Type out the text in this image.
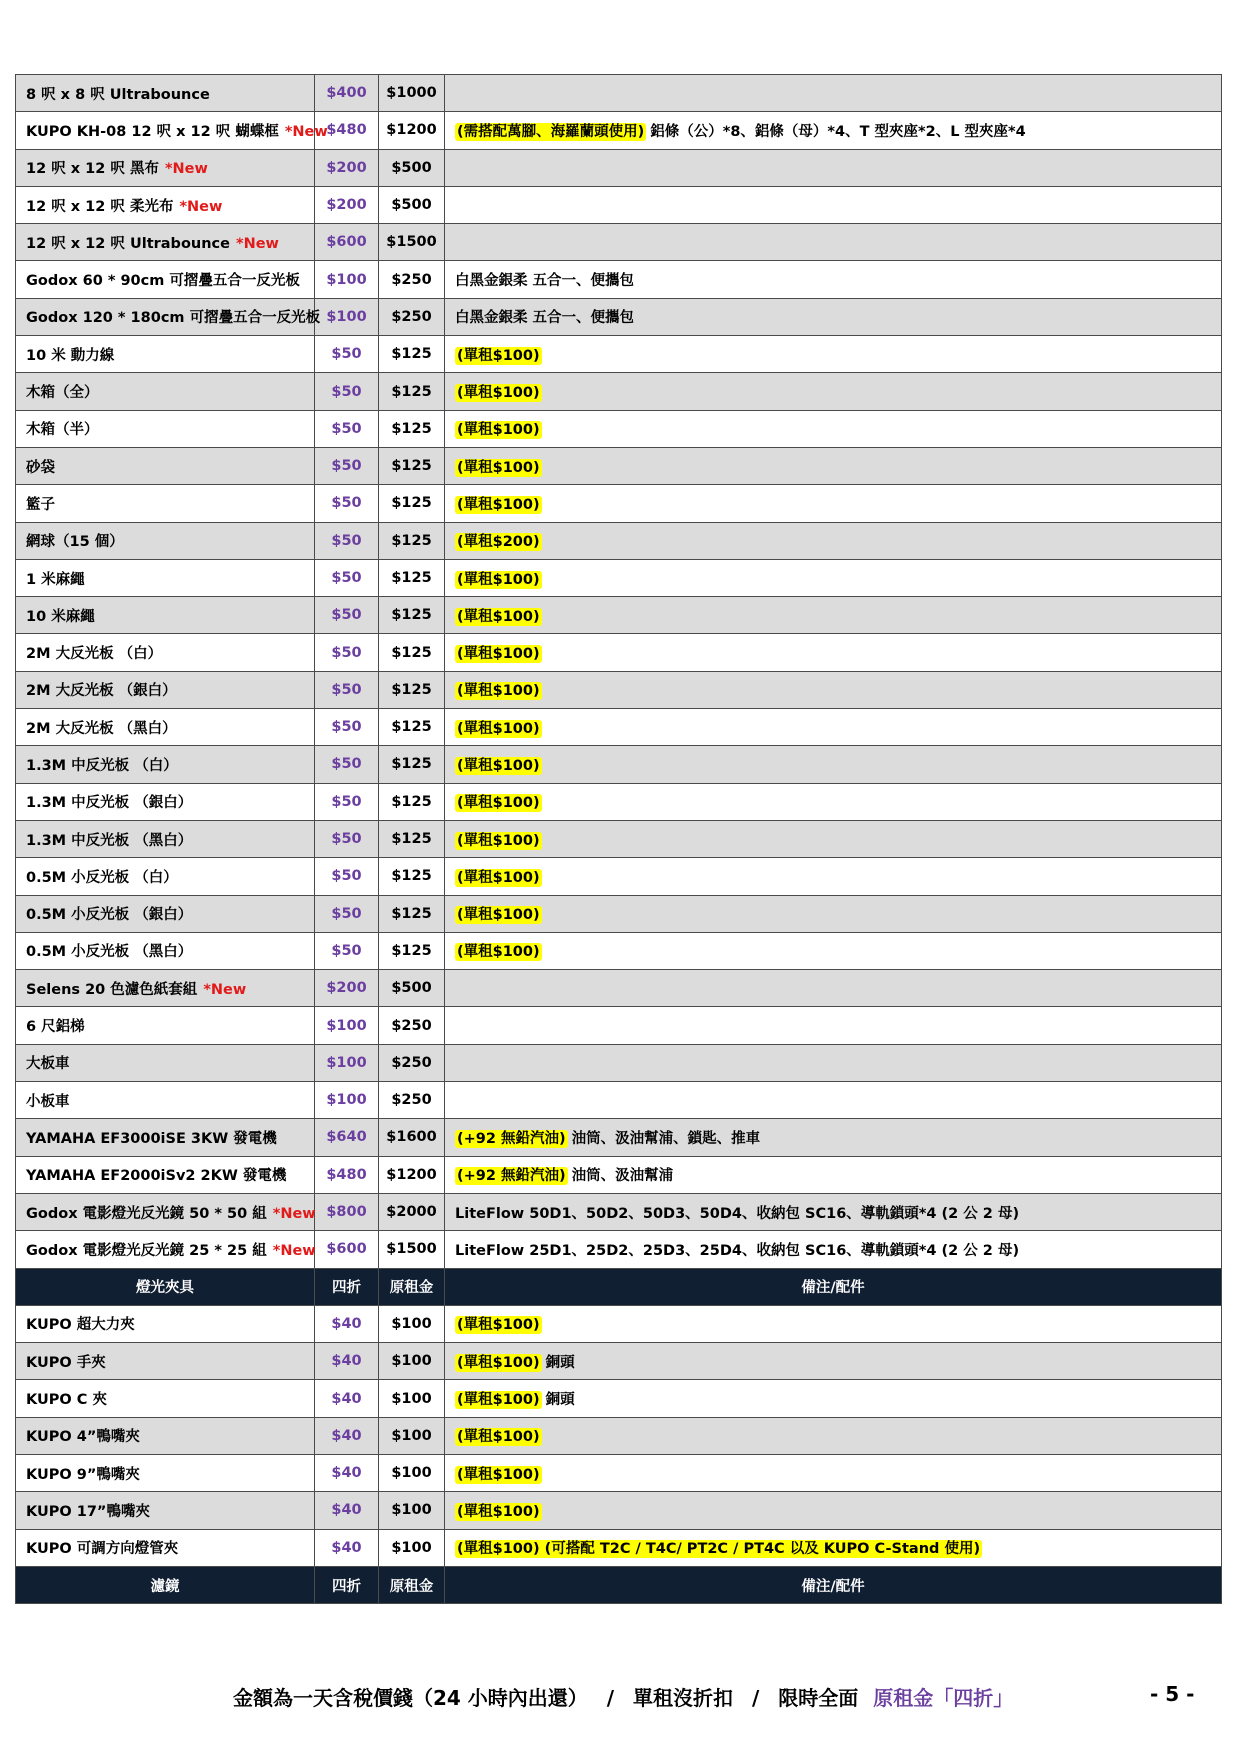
8 呎 x 8 呎 Ultrabounce	$400	$1000	
KUPO KH-08 12 呎 x 12 呎 蝴蝶框 *New	$480	$1200	(需搭配萬腳、海羅蘭頭使用) 鋁條（公）*8、鋁條（母）*4、T 型夾座*2、L 型夾座*4
12 呎 x 12 呎 黑布 *New	$200	$500	
12 呎 x 12 呎 柔光布 *New	$200	$500	
12 呎 x 12 呎 Ultrabounce *New	$600	$1500	
Godox 60 * 90cm 可摺疊五合一反光板	$100	$250	白黑金銀柔 五合一、便攜包
Godox 120 * 180cm 可摺疊五合一反光板	$100	$250	白黑金銀柔 五合一、便攜包
10 米 動力線	$50	$125	(單租$100)
木箱（全）	$50	$125	(單租$100)
木箱（半）	$50	$125	(單租$100)
砂袋	$50	$125	(單租$100)
籃子	$50	$125	(單租$100)
網球（15 個）	$50	$125	(單租$200)
1 米麻繩	$50	$125	(單租$100)
10 米麻繩	$50	$125	(單租$100)
2M 大反光板 （白）	$50	$125	(單租$100)
2M 大反光板 （銀白）	$50	$125	(單租$100)
2M 大反光板 （黑白）	$50	$125	(單租$100)
1.3M 中反光板 （白）	$50	$125	(單租$100)
1.3M 中反光板 （銀白）	$50	$125	(單租$100)
1.3M 中反光板 （黑白）	$50	$125	(單租$100)
0.5M 小反光板 （白）	$50	$125	(單租$100)
0.5M 小反光板 （銀白）	$50	$125	(單租$100)
0.5M 小反光板 （黑白）	$50	$125	(單租$100)
Selens 20 色濾色紙套組 *New	$200	$500	
6 尺鋁梯	$100	$250	
大板車	$100	$250	
小板車	$100	$250	
YAMAHA EF3000iSE 3KW 發電機	$640	$1600	(+92 無鉛汽油) 油筒、汲油幫浦、鎖匙、推車
YAMAHA EF2000iSv2 2KW 發電機	$480	$1200	(+92 無鉛汽油) 油筒、汲油幫浦
Godox 電影燈光反光鏡 50 * 50 組 *New	$800	$2000	LiteFlow 50D1、50D2、50D3、50D4、收納包 SC16、導軌鎖頭*4 (2 公 2 母)
Godox 電影燈光反光鏡 25 * 25 組 *New	$600	$1500	LiteFlow 25D1、25D2、25D3、25D4、收納包 SC16、導軌鎖頭*4 (2 公 2 母)
燈光夾具	四折	原租金	備注/配件
KUPO 超大力夾	$40	$100	(單租$100)
KUPO 手夾	$40	$100	(單租$100) 銅頭
KUPO C 夾	$40	$100	(單租$100) 銅頭
KUPO 4”鴨嘴夾	$40	$100	(單租$100)
KUPO 9”鴨嘴夾	$40	$100	(單租$100)
KUPO 17”鴨嘴夾	$40	$100	(單租$100)
KUPO 可調方向燈管夾	$40	$100	(單租$100) (可搭配 T2C / T4C/ PT2C / PT4C 以及 KUPO C-Stand 使用)
濾鏡	四折	原租金	備注/配件
金額為一天含稅價錢（24 小時內出還） / 單租沒折扣 / 限時全面 原租金「四折」	- 5 -
